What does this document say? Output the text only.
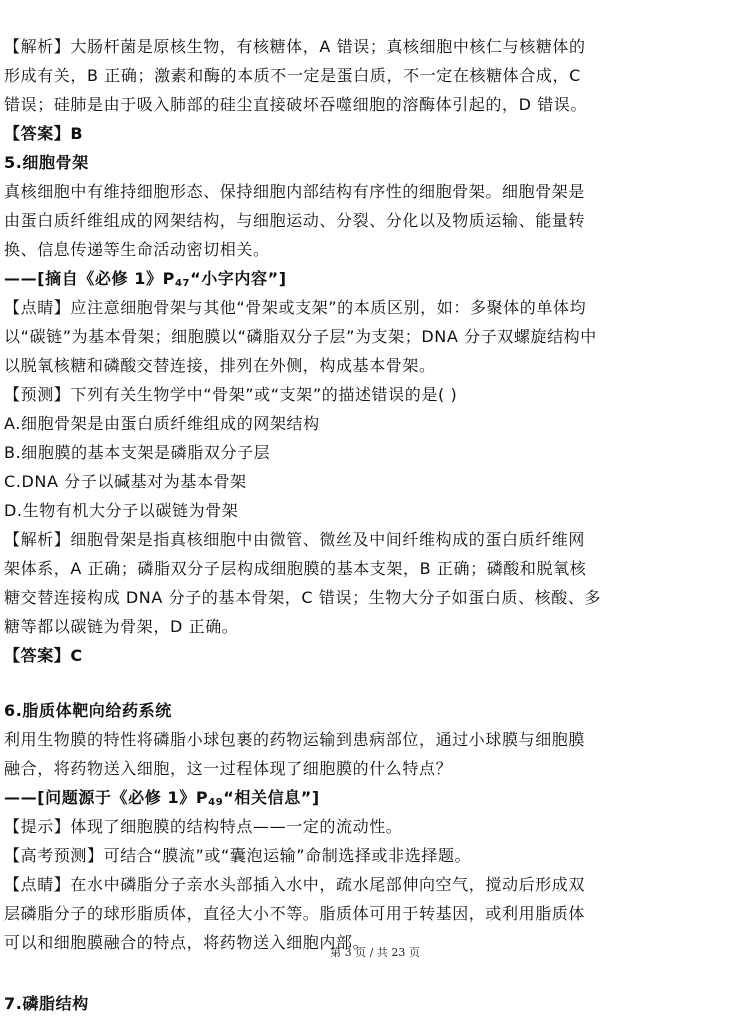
【解析】大肠杆菌是原核生物，有核糖体，A 错误；真核细胞中核仁与核糖体的
形成有关，B 正确；激素和酶的本质不一定是蛋白质，不一定在核糖体合成，C
错误；硅肺是由于吸入肺部的硅尘直接破坏吞噬细胞的溶酶体引起的，D 错误。
【答案】B
5.细胞骨架
真核细胞中有维持细胞形态、保持细胞内部结构有序性的细胞骨架。细胞骨架是
由蛋白质纤维组成的网架结构，与细胞运动、分裂、分化以及物质运输、能量转
换、信息传递等生命活动密切相关。
——[摘自《必修 1》$P_{47}“$小字内容”]
【点睛】应注意细胞骨架与其他“骨架或支架”的本质区别，如：多聚体的单体均
以“碳链”为基本骨架；细胞膜以“磷脂双分子层”为支架；DNA 分子双螺旋结构中
以脱氧核糖和磷酸交替连接，排列在外侧，构成基本骨架。
【预测】下列有关生物学中“骨架”或“支架”的描述错误的是( )
A.细胞骨架是由蛋白质纤维组成的网架结构
B.细胞膜的基本支架是磷脂双分子层
C.DNA 分子以碱基对为基本骨架
D.生物有机大分子以碳链为骨架
【解析】细胞骨架是指真核细胞中由微管、微丝及中间纤维构成的蛋白质纤维网
架体系，A 正确；磷脂双分子层构成细胞膜的基本支架，B 正确；磷酸和脱氧核
糖交替连接构成 DNA 分子的基本骨架，C 错误；生物大分子如蛋白质、核酸、多
糖等都以碳链为骨架，D 正确。
【答案】C
6.脂质体靶向给药系统
利用生物膜的特性将磷脂小球包裹的药物运输到患病部位，通过小球膜与细胞膜
融合，将药物送入细胞，这一过程体现了细胞膜的什么特点？
——[问题源于《必修 1》$P_{49}“$相关信息”]
【提示】体现了细胞膜的结构特点——一定的流动性。
【高考预测】可结合“膜流”或“囊泡运输”命制选择或非选择题。
【点睛】在水中磷脂分子亲水头部插入水中，疏水尾部伸向空气，搅动后形成双
层磷脂分子的球形脂质体，直径大小不等。脂质体可用于转基因，或利用脂质体
可以和细胞膜融合的特点，将药物送入细胞内部。
7.磷脂结构
第 3 页 / 共 23 页
